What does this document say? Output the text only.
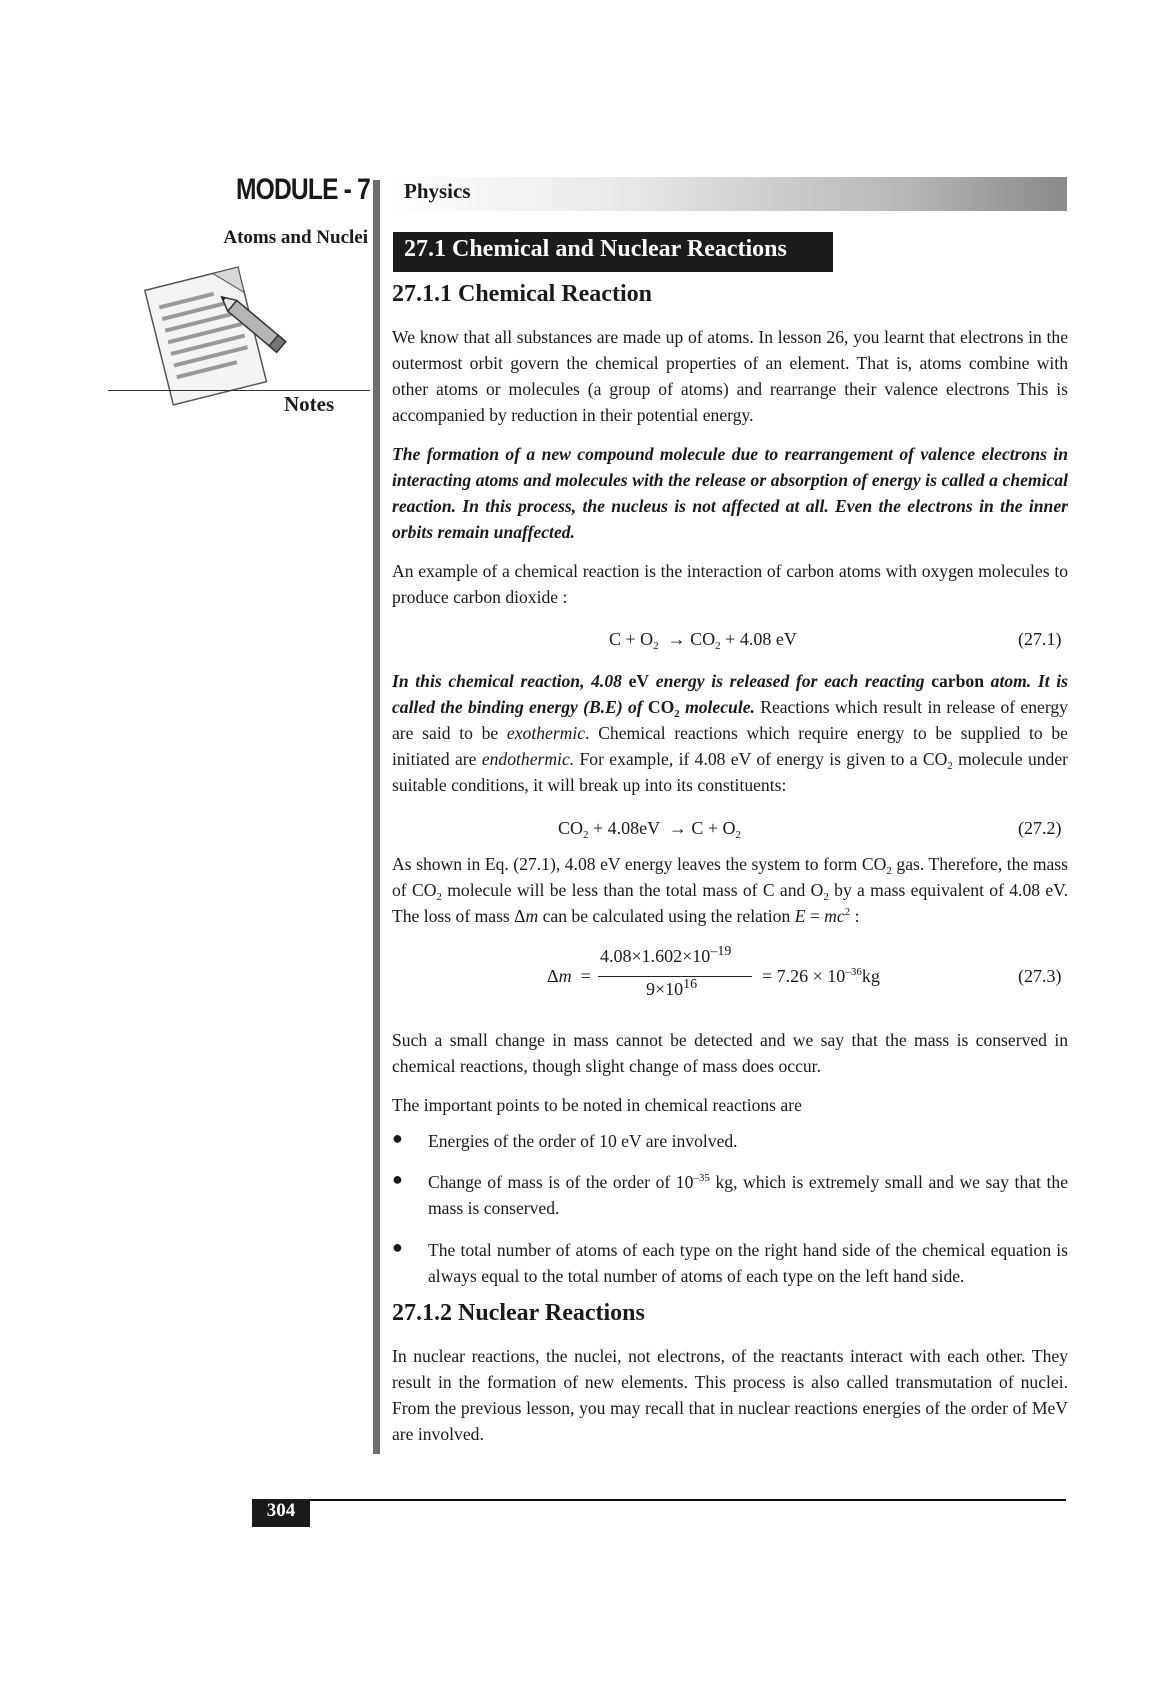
MODULE - 7
Atoms and Nuclei
Notes
Physics
27.1 Chemical and Nuclear Reactions
27.1.1 Chemical Reaction
We know that all substances are made up of atoms. In lesson 26, you learnt that electrons in the outermost orbit govern the chemical properties of an element. That is, atoms combine with other atoms or molecules (a group of atoms) and rearrange their valence electrons This is accompanied by reduction in their potential energy.
The formation of a new compound molecule due to rearrangement of valence electrons in interacting atoms and molecules with the release or absorption of energy is called a chemical reaction. In this process, the nucleus is not affected at all. Even the electrons in the inner orbits remain unaffected.
An example of a chemical reaction is the interaction of carbon atoms with oxygen molecules to produce carbon dioxide :
$C + O_2 \to CO_2 + 4.08$ eV	(27.1)
In this chemical reaction, 4.08 eV energy is released for each reacting carbon atom. It is called the binding energy (B.E) of $CO_2$ molecule. Reactions which result in release of energy are said to be exothermic. Chemical reactions which require energy to be supplied to be initiated are endothermic. For example, if 4.08 eV of energy is given to a $CO_2$ molecule under suitable conditions, it will break up into its constituents:
$CO_2 + 4.08eV \to C + O_2$	(27.2)
As shown in Eq. (27.1), 4.08 eV energy leaves the system to form $CO_2$ gas. Therefore, the mass of $CO_2$ molecule will be less than the total mass of C and $O_2$ by a mass equivalent of 4.08 eV. The loss of mass Δm can be calculated using the relation $E = mc^2$ :
Δm  =
$4.08\times 1.602\times 10^{-19}$
$9\times 10^{16}$	= $7.26 \times 10^{-36}kg$	(27.3)
Such a small change in mass cannot be detected and we say that the mass is conserved in chemical reactions, though slight change of mass does occur.
The important points to be noted in chemical reactions are
● Energies of the order of 10 eV are involved.
● Change of mass is of the order of $10^{-35}$ kg, which is extremely small and we say that the mass is conserved.
● The total number of atoms of each type on the right hand side of the chemical equation is always equal to the total number of atoms of each type on the left hand side.
27.1.2 Nuclear Reactions
In nuclear reactions, the nuclei, not electrons, of the reactants interact with each other. They result in the formation of new elements. This process is also called transmutation of nuclei. From the previous lesson, you may recall that in nuclear reactions energies of the order of MeV are involved.
304
